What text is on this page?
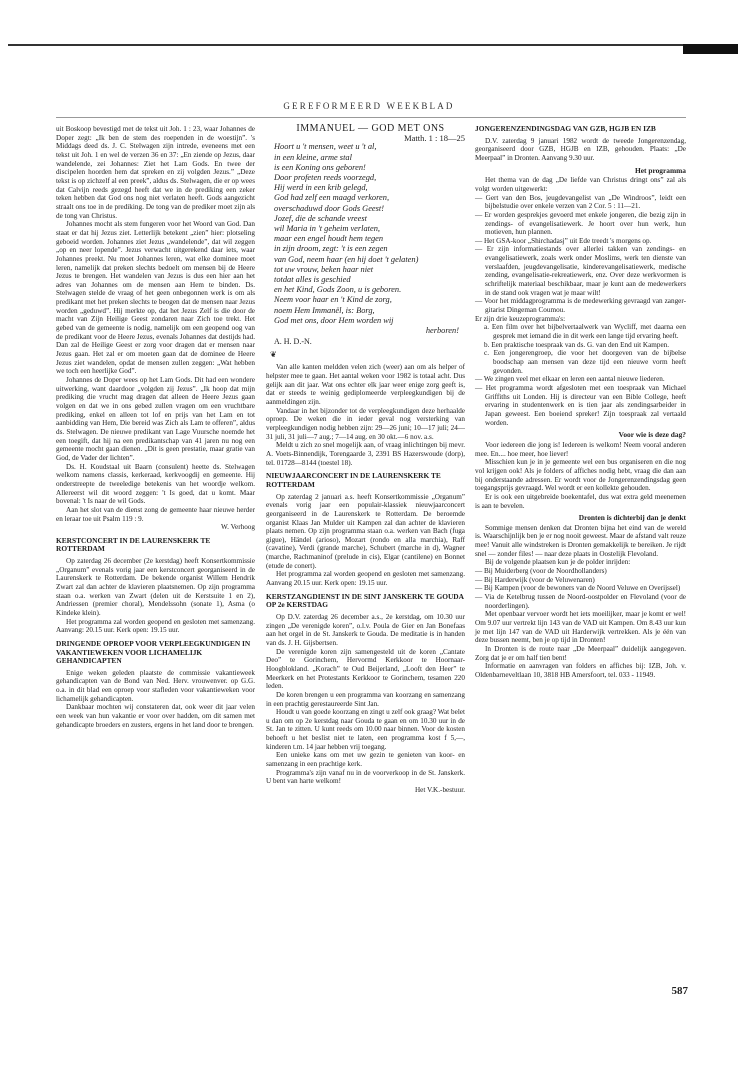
GEREFORMEERD WEEKBLAD

uit Boskoop bevestigd met de tekst uit Joh. 1 : 23, waar Johannes de Doper zegt: „Ik ben de stem des roependen in de woestijn”. 's Middags deed ds. J. C. Stelwagen zijn intrede, eveneens met een tekst uit Joh. 1 en wel de verzen 36 en 37: „En ziende op Jezus, daar wandelende, zei Johannes: Ziet het Lam Gods. En twee der discipelen hoorden hem dat spreken en zij volgden Jezus.” „Deze tekst is op zichzelf al een preek”, aldus ds. Stelwagen, die er op wees dat Calvijn reeds gezegd heeft dat we in de prediking een zeker teken hebben dat God ons nog niet verlaten heeft. Gods aangezicht straalt ons toe in de prediking. De tong van de prediker moet zijn als de tong van Christus.

Johannes mocht als stem fungeren voor het Woord van God. Dan staat er dat hij Jezus ziet. Letterlijk betekent „zien” hier: plotseling geboeid worden. Johannes ziet Jezus „wandelende”, dat wil zeggen „op en neer lopende”. Jezus verwacht uitgerekend daar iets, waar Johannes preekt. Nu moet Johannes leren, wat elke dominee moet leren, namelijk dat preken slechts bedoelt om mensen bij de Heere Jezus te brengen. Het wandelen van Jezus is dus een hier aan het adres van Johannes om de mensen aan Hem te binden. Ds. Stelwagen stelde de vraag of het geen onbegonnen werk is om als predikant met het preken slechts te beogen dat de mensen naar Jezus worden „geduwd”. Hij merkte op, dat het Jezus Zelf is die door de macht van Zijn Heilige Geest zondaren naar Zich toe trekt. Het gebed van de gemeente is nodig, namelijk om een geopend oog van de predikant voor de Heere Jezus, evenals Johannes dat destijds had. Dan zal de Heilige Geest er zorg voor dragen dat er mensen naar Jezus gaan. Het zal er om moeten gaan dat de dominee de Heere Jezus ziet wandelen, opdat de mensen zullen zeggen: „Wat hebben we toch een heerlijke God”.

Johannes de Doper wees op het Lam Gods. Dit had een wondere uitwerking, want daardoor „volgden zij Jezus”. „Ik hoop dat mijn prediking die vrucht mag dragen dat alleen de Heere Jezus gaan volgen en dat we in ons gebed zullen vragen om een vruchtbare prediking, enkel en alleen tot lof en prijs van het Lam en tot aanbidding van Hem, Die bereid was Zich als Lam te offeren”, aldus ds. Stelwagen. De nieuwe predikant van Lage Vuursche noemde het een toegift, dat hij na een predikantschap van 41 jaren nu nog een gemeente mocht gaan dienen. „Dit is geen prestatie, maar gratie van God, de Vader der lichten”.

Ds. H. Koudstaal uit Baarn (consulent) heette ds. Stelwagen welkom namens classis, kerkeraad, kerkvoogdij en gemeente. Hij onderstreepte de tweeledige betekenis van het woordje welkom. Allereerst wil dit woord zeggen: 't Is goed, dat u komt. Maar bovenal: 't Is naar de wil Gods.

Aan het slot van de dienst zong de gemeente haar nieuwe herder en leraar toe uit Psalm 119 : 9.

W. Verhoog

KERSTCONCERT IN DE LAURENSKERK TE ROTTERDAM

Op zaterdag 26 december (2e kerstdag) heeft Konsertkommissie „Organum” evenals vorig jaar een kerstconcert georganiseerd in de Laurenskerk te Rotterdam. De bekende organist Willem Hendrik Zwart zal dan achter de klavieren plaatsnemen. Op zijn programma staan o.a. werken van Zwart (delen uit de Kerstsuite 1 en 2), Andriessen (premier choral), Mendelssohn (sonate 1), Asma (o Kindeke klein).

Het programma zal worden geopend en gesloten met samenzang. Aanvang: 20.15 uur. Kerk open: 19.15 uur.

DRINGENDE OPROEP VOOR VERPLEEGKUNDIGEN IN VAKANTIEWEKEN VOOR LICHAMELIJK GEHANDICAPTEN

Enige weken geleden plaatste de commissie vakantieweek gehandicapten van de Bond van Ned. Herv. vrouwenver. op G.G. o.a. in dit blad een oproep voor stafleden voor vakantieweken voor lichamelijk gehandicapten.

Dankbaar mochten wij constateren dat, ook weer dit jaar velen een week van hun vakantie er voor over hadden, om dit samen met gehandicapte broeders en zusters, ergens in het land door te brengen.

IMMANUEL — GOD MET ONS

Matth. 1 : 18—25

Hoort u 't mensen, weet u 't al,
in een kleine, arme stal
is een Koning ons geboren!
Door profeten reeds voorzegd,
Hij werd in een krib gelegd,
God had zelf een maagd verkoren,
overschaduwd door Gods Geest!
Jozef, die de schande vreest
wil Maria in 't geheim verlaten,
maar een engel houdt hem tegen
in zijn droom, zegt: 't is een zegen
van God, neem haar (en hij doet 't gelaten)
tot uw vrouw, beken haar niet
totdat alles is geschied
en het Kind, Gods Zoon, u is geboren.
Neem voor haar en 't Kind de zorg,
noem Hem Immanël, is: Borg,
God met ons, door Hem worden wij
herboren!
A. H. D.-N.
❦

Van alle kanten meldden velen zich (weer) aan om als helper of helpster mee te gaan. Het aantal weken voor 1982 is totaal acht. Dus gelijk aan dit jaar. Wat ons echter elk jaar weer enige zorg geeft is, dat er steeds te weinig gediplomeerde verpleegkundigen bij de aanmeldingen zijn.

Vandaar in het bijzonder tot de verpleegkundigen deze herhaalde oproep. De weken die in ieder geval nog versterking van verpleegkundigen nodig hebben zijn: 29—26 juni; 10—17 juli; 24—31 juli, 31 juli—7 aug.; 7—14 aug. en 30 okt.—6 nov. a.s.

Meldt u zich zo snel mogelijk aan, of vraag inlichtingen bij mevr. A. Voets-Binnendijk, Torengaarde 3, 2391 BS Hazerswoude (dorp), tel. 01728—8144 (toestel 18).

NIEUWJAARCONCERT IN DE LAURENSKERK TE ROTTERDAM

Op zaterdag 2 januari a.s. heeft Konsertkommissie „Organum” evenals vorig jaar een populair-klassiek nieuwjaarconcert georganiseerd in de Laurenskerk te Rotterdam. De beroemde organist Klaas Jan Mulder uit Kampen zal dan achter de klavieren plaats nemen. Op zijn programma staan o.a. werken van Bach (fuga gigue), Händel (arioso), Mozart (rondo en alla marchia), Raff (cavatine), Verdi (grande marche), Schubert (marche in d), Wagner (marche, Rachmaninof (prelude in cis), Elgar (cantilene) en Bonnet (etude de conert).

Het programma zal worden geopend en gesloten met samenzang. Aanvang 20.15 uur. Kerk open: 19.15 uur.

KERSTZANGDIENST IN DE SINT JANSKERK TE GOUDA OP 2e KERSTDAG

Op D.V. zaterdag 26 december a.s., 2e kerstdag, om 10.30 uur zingen „De verenigde koren”, o.l.v. Poula de Gier en Jan Bonefaas aan het orgel in de St. Janskerk te Gouda. De meditatie is in handen van ds. J. H. Gijsbertsen.

De verenigde koren zijn samengesteld uit de koren „Cantate Deo” te Gorinchem, Hervormd Kerkkoor te Hoornaar-Hoogblokland. „Korach” te Oud Beijerland, „Looft den Heer” te Meerkerk en het Protestants Kerkkoor te Gorinchem, tesamen 220 leden.

De koren brengen u een programma van koorzang en samenzang in een prachtig gerestaureerde Sint Jan.

Houdt u van goede koorzang en zingt u zelf ook graag? Wat belet u dan om op 2e kerstdag naar Gouda te gaan en om 10.30 uur in de St. Jan te zitten. U kunt reeds om 10.00 naar binnen. Voor de kosten behoeft u het beslist niet te laten, een programma kost f 5,—, kinderen t.m. 14 jaar hebben vrij toegang.

Een unieke kans om met uw gezin te genieten van koor- en samenzang in een prachtige kerk.

Programma's zijn vanaf nu in de voorverkoop in de St. Janskerk. U bent van harte welkom!

Het V.K.-bestuur.

JONGERENZENDINGSDAG VAN GZB, HGJB EN IZB

D.V. zaterdag 9 januari 1982 wordt de tweede Jongerenzendag, georganiseerd door GZB, HGJB en IZB, gehouden. Plaats: „De Meerpaal” in Dronten. Aanvang 9.30 uur.

Het programma

Het thema van de dag „De liefde van Christus dringt ons” zal als volgt worden uitgewerkt:

— Gert van den Bos, jeugdevangelist van „De Windroos”, leidt een bijbelstudie over enkele verzen van 2 Cor. 5 : 11—21.
— Er worden gesprekjes gevoerd met enkele jongeren, die bezig zijn in zendings- of evangelisatiewerk. Je hoort over hun werk, hun motieven, hun plannen.
— Het GSA-koor „Shirchadasj” uit Ede treedt 's morgens op.
— Er zijn informatiestands over allerlei takken van zendings- en evangelisatiewerk, zoals werk onder Moslims, werk ten dienste van verslaafden, jeugdevangelisatie, kinderevangelisatiewerk, medische zending, evangelisatie-rekreatiewerk, enz. Over deze werkvormen is schriftelijk materiaal beschikbaar, maar je kunt aan de medewerkers in de stand ook vragen wat je maar wilt!
— Voor het middagprogramma is de medewerking gevraagd van zanger-gitarist Dingeman Coumou.

Er zijn drie keuzeprogramma's:

a. Een film over het bijbelvertaalwerk van Wycliff, met daarna een gesprek met iemand die in dit werk een lange tijd ervaring heeft.
b. Een praktische toespraak van ds. G. van den End uit Kampen.
c. Een jongerengroep, die voor het doorgeven van de bijbelse boodschap aan mensen van deze tijd een nieuwe vorm heeft gevonden.
— We zingen veel met elkaar en leren een aantal nieuwe liederen.
— Het programma wordt afgesloten met een toespraak van Michael Griffiths uit Londen. Hij is directeur van een Bible College, heeft ervaring in studentenwerk en is tien jaar als zendingsarbeider in Japan geweest. Een boeiend spreker! Zijn toespraak zal vertaald worden.
Voor wie is deze dag?

Voor iedereen die jong is! Iedereen is welkom! Neem vooral anderen mee. En.... hoe meer, hoe liever!

Misschien kun je in je gemeente wel een bus organiseren en die nog vol krijgen ook! Als je folders of affiches nodig hebt, vraag die dan aan bij onderstaande adressen. Er wordt voor de Jongerenzendingsdag geen toegangsprijs gevraagd. Wel wordt er een kollekte gehouden.

Er is ook een uitgebreide boekentafel, dus wat extra geld meenemen is aan te bevelen.

Dronten is dichterbij dan je denkt

Sommige mensen denken dat Dronten bijna het eind van de wereld is. Waarschijnlijk ben je er nog nooit geweest. Maar de afstand valt reuze mee! Vanuit alle windstreken is Dronten gemakkelijk te bereiken. Je rijdt snel — zonder files! — naar deze plaats in Oostelijk Flevoland.

Bij de volgende plaatsen kun je de polder inrijden:

— Bij Muiderberg (voor de Noordhollanders)
— Bij Harderwijk (voor de Veluwenaren)
— Bij Kampen (voor de bewoners van de Noord Veluwe en Overijssel)
— Via de Ketelbrug tussen de Noord-oostpolder en Flevoland (voor de noorderlingen).

Met openbaar vervoer wordt het iets moeilijker, maar je komt er wel! Om 9.07 uur vertrekt lijn 143 van de VAD uit Kampen. Om 8.43 uur kun je met lijn 147 van de VAD uit Harderwijk vertrekken. Als je één van deze bussen neemt, ben je op tijd in Dronten!

In Dronten is de route naar „De Meerpaal” duidelijk aangegeven. Zorg dat je er om half tien bent!

Informatie en aanvragen van folders en affiches bij: IZB, Joh. v. Oldenbarneveltlaan 10, 3818 HB Amersfoort, tel. 033 - 11949.

587
